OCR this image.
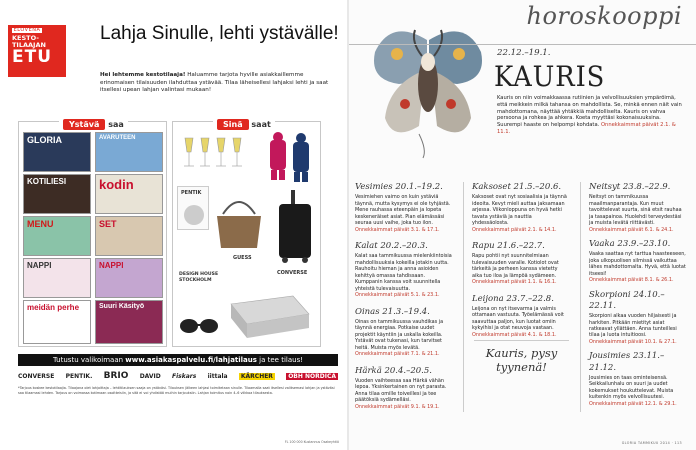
ELOVENA
KESTO-
TILAAJAN
ETU
Lahja Sinulle, lehti ystävälle!

Hei lehtemme kestotilaaja! Haluamme tarjota hyville asiakkaillemme erinomaisen tilaisuuden ilahduttaa ystävää. Tilaa läheisellesi lahjaksi lehti ja saat itsellesi upean lahjan valintasi mukaan!

Ystävä saa
GLORIA	AVARUTEEN
KOTILIESI	kodin
MENU	SET
NAPPI	NAPPI
meidän perhe	Suuri Käsityö
Sinä saat
PENTIK
GUESS
CONVERSE
DESIGN HOUSE STOCKHOLM
Tutustu valikoimaan www.asiakaspalvelu.fi/lahjatilaus ja tee tilaus!
CONVERSE PENTIK. BRIO DAVID Fiskars iittala	KÄRCHER	OBH NORDICA

*Tarjous koskee kestotilaajia. Tilaajana olet lahjoittaja – lehtitilauksen saaja on ystäväsi. Tilauksen jälkeen lahjasi toimitetaan sinulle. Tilaamalla saat itsellesi valitsemasi lahjan ja ystäväsi saa tilaamasi lehden. Tarjous on voimassa kotimaan osoitteisiin, ja sitä ei voi yhdistää muihin tarjouksiin. Lahjan toimitus noin 4–6 viikkoa tilauksesta.

FL 100 000 Kustannus Osakeyhtiö
horoskooppi
22.12.–19.1.
KAURIS

Kauris on niin voimakkaassa rutiinien ja velvollisuuksien ympäröimä, että meikkein milkä tahansa on mahdollista. Se, minkä ennen näit vain mahdottomana, näyttää yhtäkkiä mahdolliselta. Kauris on vahva persoona ja rohkea ja ahkera. Koeta myyttäsi kokonaisuuksina. Suurempi haaste on helpompi kohdata. Onnekkaimmat päivät 2.1. & 11.1.

Vesimies 20.1.–19.2.
Vesimiehen vaimo on kuin ystäviä täynnä, mutta kysymys ei ole tyhjästä. Mene rauhassa eteenpäin ja lopeta keskeneräiset asiat. Pian elämässäsi seuraa uusi vaihe, joka tuo ilon.
Onnekkaimmat päivät 3.1. & 17.1.
Kalat 20.2.–20.3.
Kalat saa tammikuussa mielenkiintoisia mahdollisuuksia kokeilla jotakin uutta. Rauhoitu hieman ja anna asioiden kehittyä omassa tahdissaan. Kumppanin kanssa voit suunnitella yhteistä tulevaisuutta.
Onnekkaimmat päivät 5.1. & 23.1.
Oinas 21.3.–19.4.
Oinas on tammikuussa vauhdikas ja täynnä energiaa. Potkaise uudet projektit käyntiin ja uskalla kokeilla. Ystävät ovat tukenasi, kun tarvitset heitä. Muista myös levätä.
Onnekkaimmat päivät 7.1. & 21.1.
Härkä 20.4.–20.5.
Vuoden vaihteessa saa Härkä vähän lepoa. Yksinkertainen on nyt parasta. Anna tilaa omille toiveillesi ja tee päätöksiä sydämelläsi.
Onnekkaimmat päivät 9.1. & 19.1.
Kaksoset 21.5.–20.6.
Kaksoset ovat nyt sosiaalisia ja täynnä ideoita. Kevyt mieli auttaa jaksamaan arjessa. Viikonloppuna on hyvä hetki tavata ystäviä ja nauttia yhdessäolosta.
Onnekkaimmat päivät 2.1. & 14.1.
Rapu 21.6.–22.7.
Rapu pohtii nyt suunnitelmiaan tulevaisuuden varalle. Kotiolot ovat tärkeitä ja perheen kanssa vietetty aika tuo iloa ja lämpöä sydämeen.
Onnekkaimmat päivät 1.1. & 16.1.
Leijona 23.7.–22.8.
Leijona on nyt itsevarma ja valmis ottamaan vastuuta. Työelämässä voit saavuttaa paljon, kun luotat omiin kykyihisi ja otat neuvoja vastaan.
Onnekkaimmat päivät 4.1. & 18.1.
Kauris, pysy tyynenä!
Neitsyt 23.8.–22.9.
Neitsyt on tammikuussa maailmanparantaja. Kun muut tavoittelevat suurta, sinä etsit rauhaa ja tasapainoa. Huolehdi terveydestäsi ja muista levätä riittävästi.
Onnekkaimmat päivät 6.1. & 24.1.
Vaaka 23.9.–23.10.
Vaaka saattaa nyt tarttua haasteeseen, joka ulkopuolisen silmissä vaikuttaa lähes mahdottomalta. Hyvä, että luotat itseesi!
Onnekkaimmat päivät 8.1. & 26.1.
Skorpioni 24.10.–22.11.
Skorpioni alkaa vuoden hiljaisesti ja harkiten. Pitkään mietityt asiat ratkeavat yllättäen. Anna tunteillesi tilaa ja luota intuitioosi.
Onnekkaimmat päivät 10.1. & 27.1.
Jousimies 23.11.–21.12.
Jousimies on taas ominteisensä. Seikkailunhalu on suuri ja uudet kokemukset houkuttelevat. Muista kuitenkin myös velvollisuutesi.
Onnekkaimmat päivät 12.1. & 29.1.
GLORIA TAMMIKUU 2014 · 113
